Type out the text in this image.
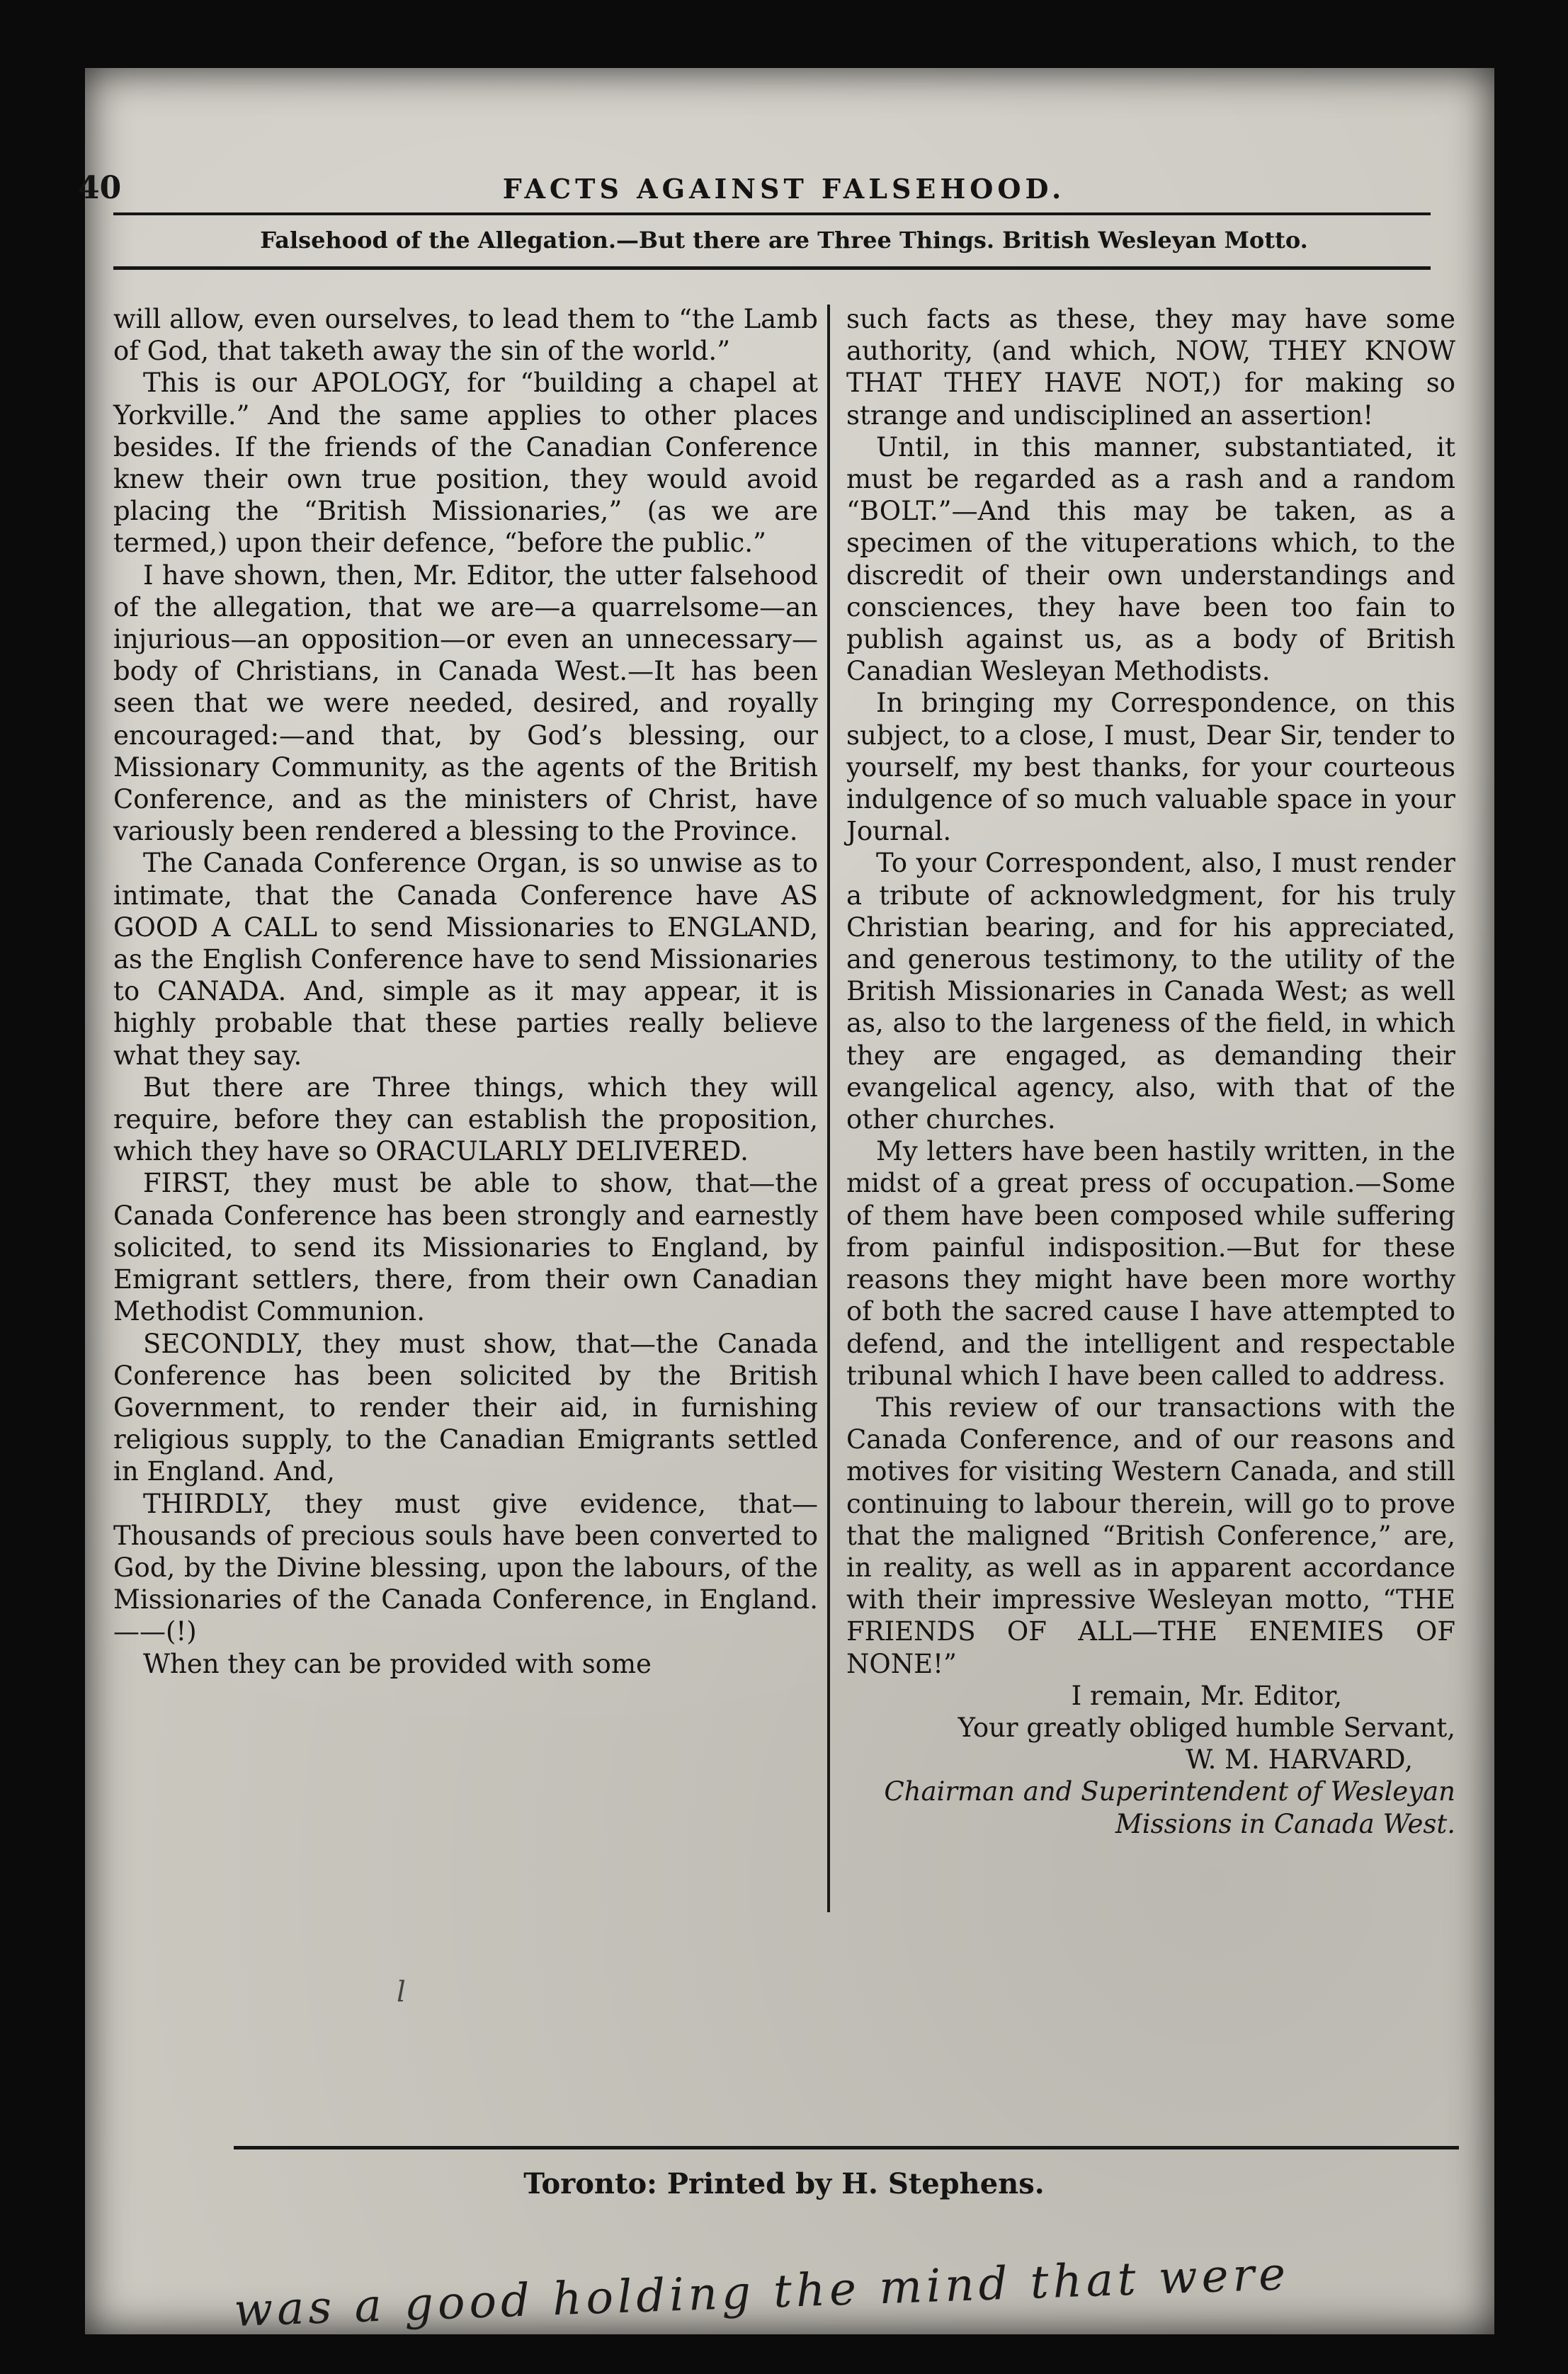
40	FACTS AGAINST FALSEHOOD.
Falsehood of the Allegation.—But there are Three Things. British Wesleyan Motto.

will allow, even ourselves, to lead them to “the Lamb of God, that taketh away the sin of the world.”

This is our APOLOGY, for “building a chapel at Yorkville.” And the same applies to other places besides. If the friends of the Canadian Conference knew their own true position, they would avoid placing the “British Missionaries,” (as we are termed,) upon their defence, “before the public.”

I have shown, then, Mr. Editor, the utter falsehood of the allegation, that we are—a quarrelsome—an injurious—an opposition—or even an unnecessary—body of Christians, in Canada West.—It has been seen that we were needed, desired, and royally encouraged:—and that, by God’s blessing, our Missionary Community, as the agents of the British Conference, and as the ministers of Christ, have variously been rendered a blessing to the Province.

The Canada Conference Organ, is so unwise as to intimate, that the Canada Conference have AS GOOD A CALL to send Missionaries to ENGLAND, as the English Conference have to send Missionaries to CANADA. And, simple as it may appear, it is highly probable that these parties really believe what they say.

But there are Three things, which they will require, before they can establish the proposition, which they have so ORACULARLY DELIVERED.

FIRST, they must be able to show, that—the Canada Conference has been strongly and earnestly solicited, to send its Missionaries to England, by Emigrant settlers, there, from their own Canadian Methodist Communion.

SECONDLY, they must show, that—the Canada Conference has been solicited by the British Government, to render their aid, in furnishing religious supply, to the Canadian Emigrants settled in England. And,

THIRDLY, they must give evidence, that—Thousands of precious souls have been converted to God, by the Divine blessing, upon the labours, of the Missionaries of the Canada Conference, in England.——(!)

When they can be provided with some

such facts as these, they may have some authority, (and which, NOW, THEY KNOW THAT THEY HAVE NOT,) for making so strange and undisciplined an assertion!

Until, in this manner, substantiated, it must be regarded as a rash and a random “BOLT.”—And this may be taken, as a specimen of the vituperations which, to the discredit of their own understandings and consciences, they have been too fain to publish against us, as a body of British Canadian Wesleyan Methodists.

In bringing my Correspondence, on this subject, to a close, I must, Dear Sir, tender to yourself, my best thanks, for your courteous indulgence of so much valuable space in your Journal.

To your Correspondent, also, I must render a tribute of acknowledgment, for his truly Christian bearing, and for his appreciated, and generous testimony, to the utility of the British Missionaries in Canada West; as well as, also to the largeness of the field, in which they are engaged, as demanding their evangelical agency, also, with that of the other churches.

My letters have been hastily written, in the midst of a great press of occupation.—Some of them have been composed while suffering from painful indisposition.—But for these reasons they might have been more worthy of both the sacred cause I have attempted to defend, and the intelligent and respectable tribunal which I have been called to address.

This review of our transactions with the Canada Conference, and of our reasons and motives for visiting Western Canada, and still continuing to labour therein, will go to prove that the maligned “British Conference,” are, in reality, as well as in apparent accordance with their impressive Wesleyan motto, “THE FRIENDS OF ALL—THE ENEMIES OF NONE!”

I remain, Mr. Editor,

Your greatly obliged humble Servant,

W. M. HARVARD,

Chairman and Superintendent of Wesleyan

Missions in Canada West.

l
Toronto: Printed by H. Stephens.
was a good holding the mind that were
